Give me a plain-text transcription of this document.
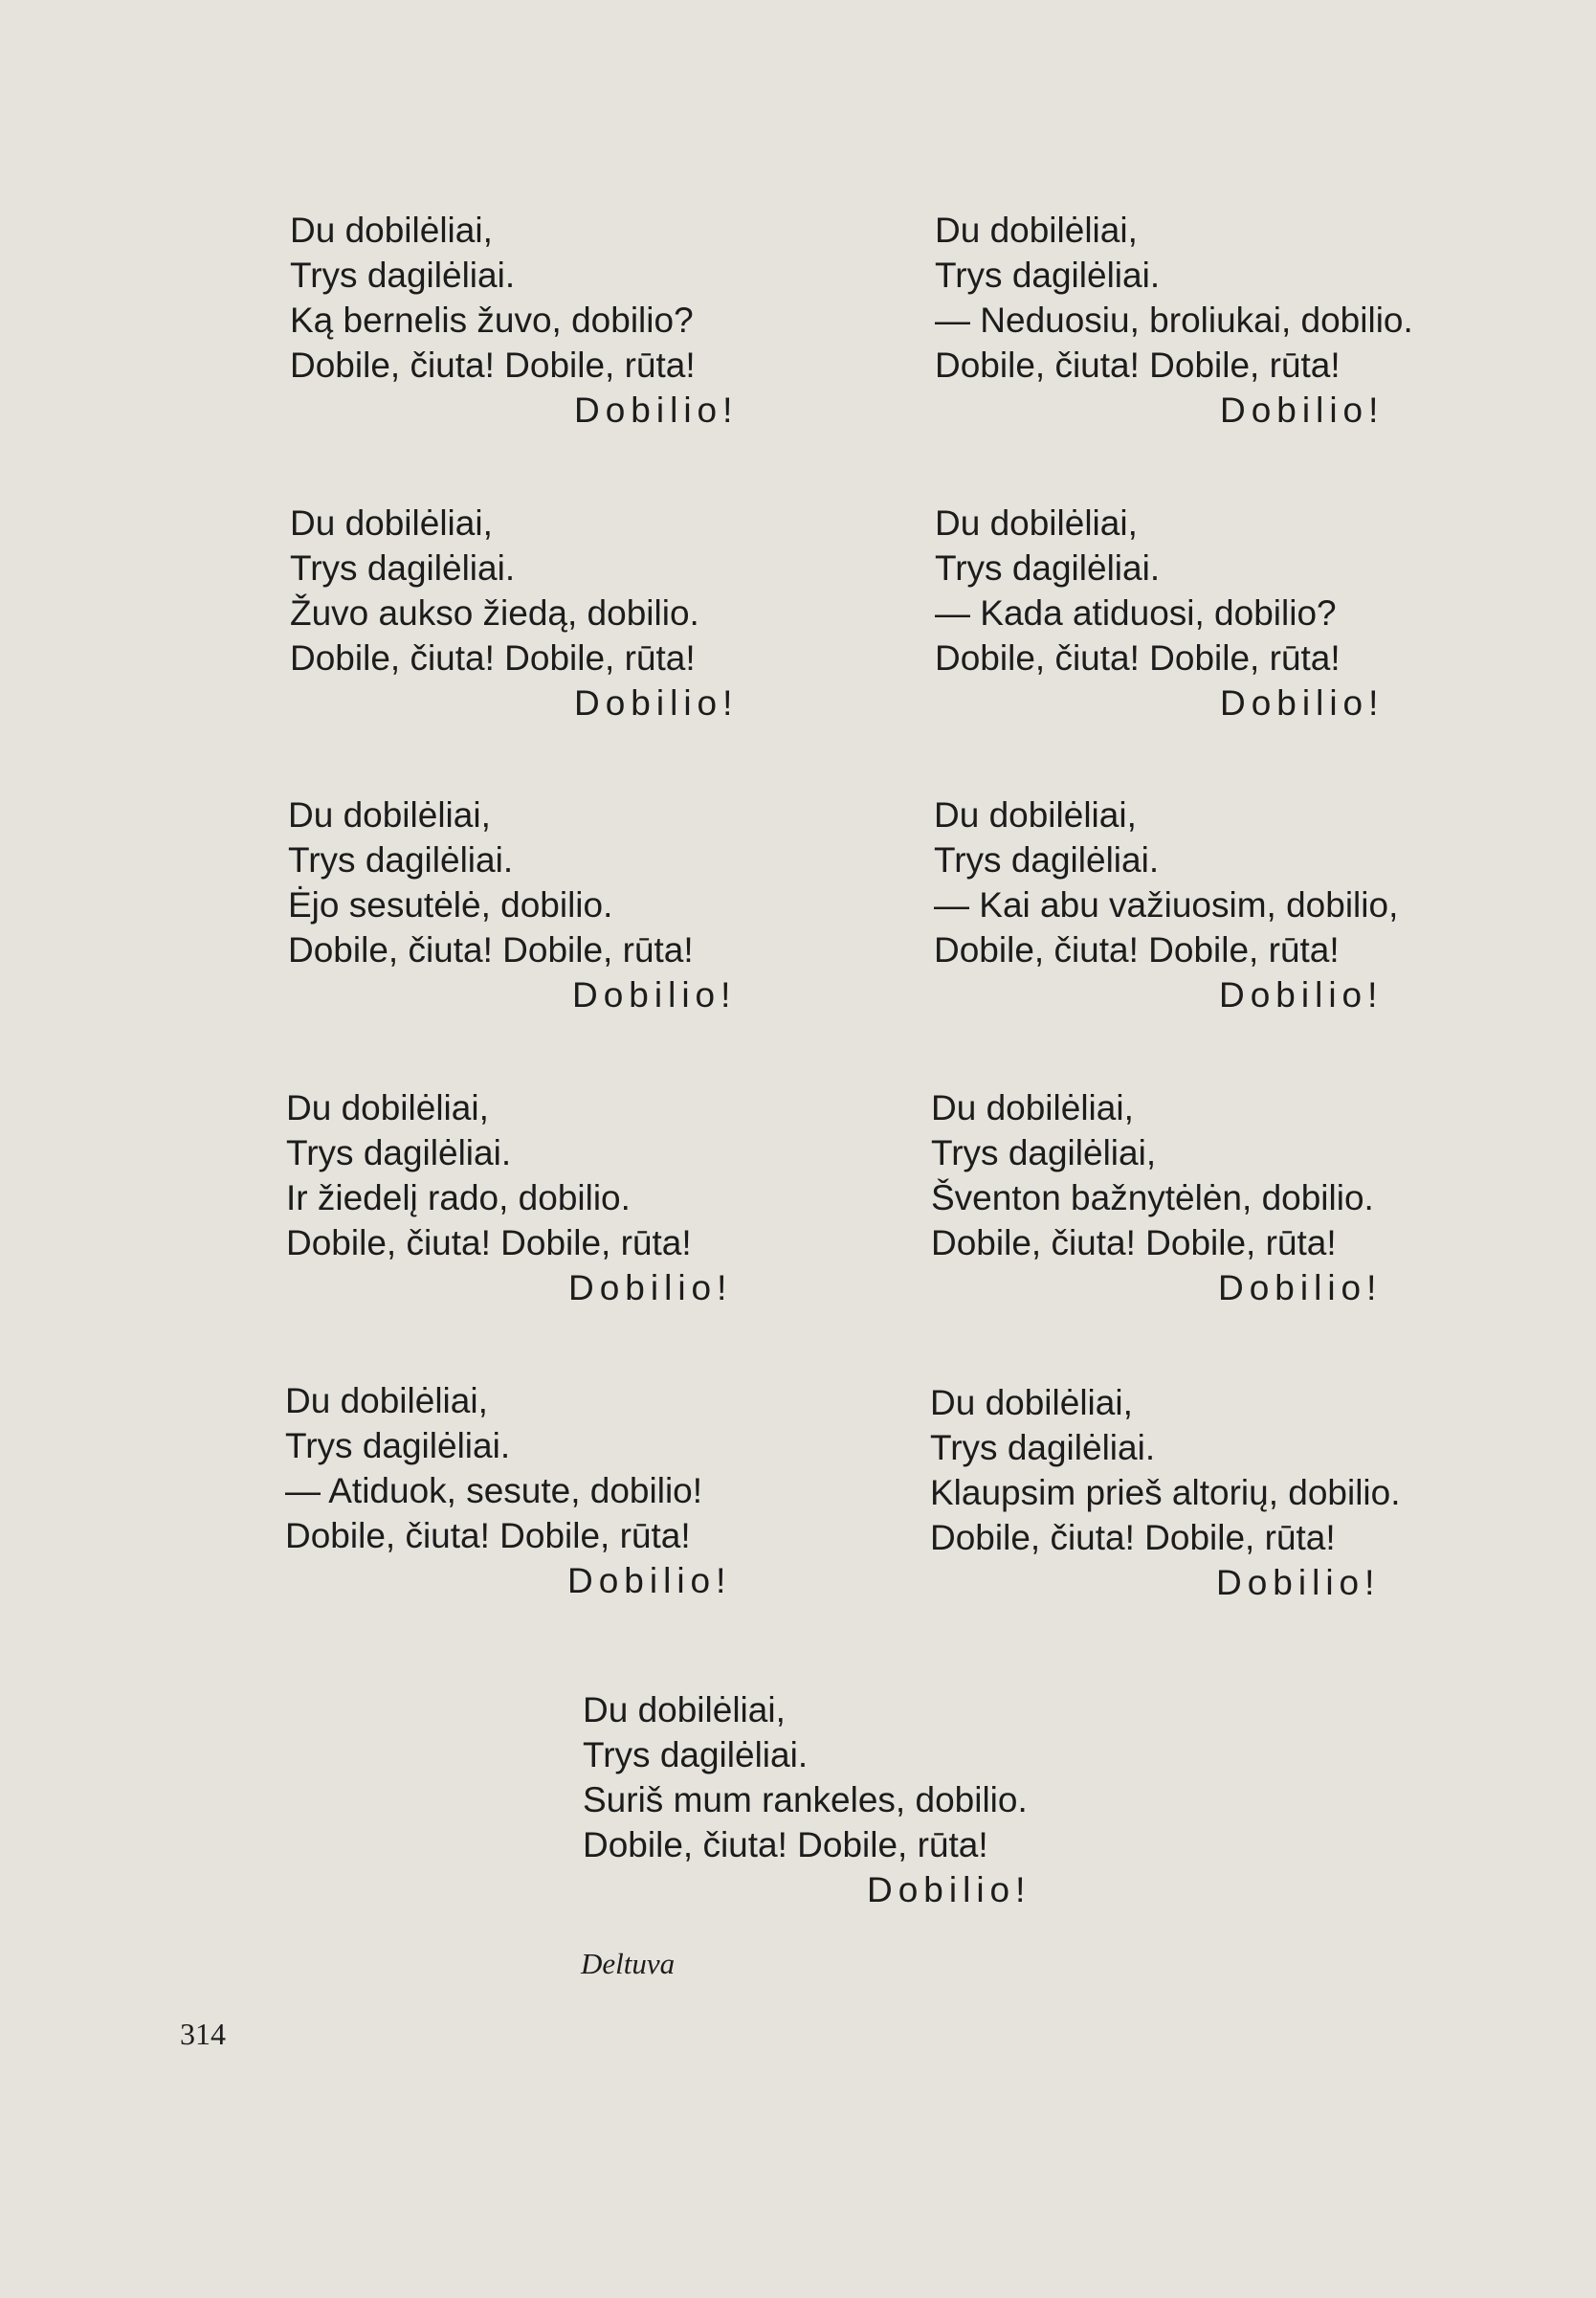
Du dobilėliai,
Trys dagilėliai.
Ką bernelis žuvo, dobilio?
Dobile, čiuta! Dobile, rūta!
Dobilio!
Du dobilėliai,
Trys dagilėliai.
— Neduosiu, broliukai, dobilio.
Dobile, čiuta! Dobile, rūta!
Dobilio!
Du dobilėliai,
Trys dagilėliai.
Žuvo aukso žiedą, dobilio.
Dobile, čiuta! Dobile, rūta!
Dobilio!
Du dobilėliai,
Trys dagilėliai.
— Kada atiduosi, dobilio?
Dobile, čiuta! Dobile, rūta!
Dobilio!
Du dobilėliai,
Trys dagilėliai.
Ėjo sesutėlė, dobilio.
Dobile, čiuta! Dobile, rūta!
Dobilio!
Du dobilėliai,
Trys dagilėliai.
— Kai abu važiuosim, dobilio,
Dobile, čiuta! Dobile, rūta!
Dobilio!
Du dobilėliai,
Trys dagilėliai.
Ir žiedelį rado, dobilio.
Dobile, čiuta! Dobile, rūta!
Dobilio!
Du dobilėliai,
Trys dagilėliai,
Šventon bažnytėlėn, dobilio.
Dobile, čiuta! Dobile, rūta!
Dobilio!
Du dobilėliai,
Trys dagilėliai.
— Atiduok, sesute, dobilio!
Dobile, čiuta! Dobile, rūta!
Dobilio!
Du dobilėliai,
Trys dagilėliai.
Klaupsim prieš altorių, dobilio.
Dobile, čiuta! Dobile, rūta!
Dobilio!
Du dobilėliai,
Trys dagilėliai.
Suriš mum rankeles, dobilio.
Dobile, čiuta! Dobile, rūta!
Dobilio!
Deltuva
314
